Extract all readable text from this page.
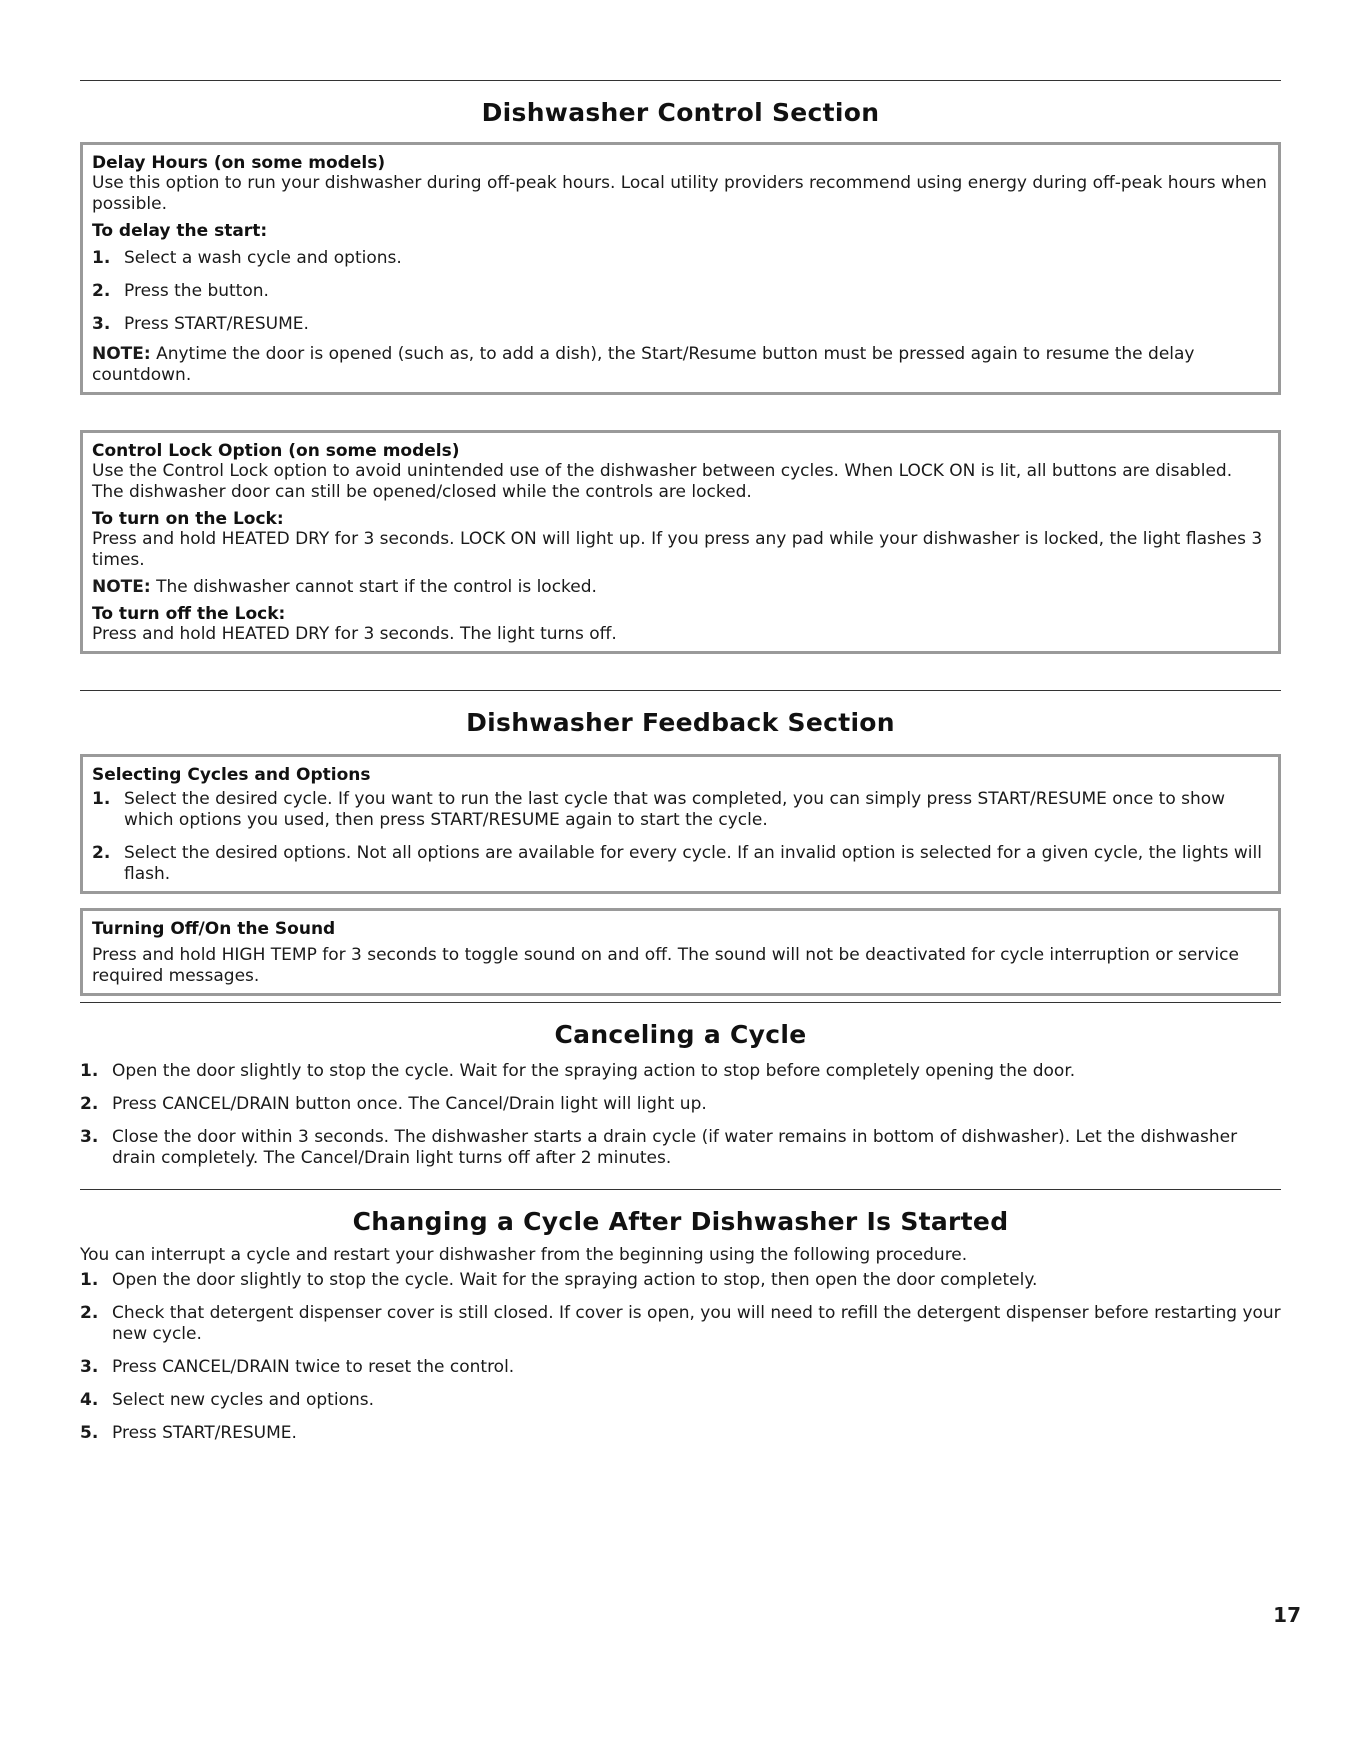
Dishwasher Control Section
Delay Hours (on some models)
Use this option to run your dishwasher during off-peak hours. Local utility providers recommend using energy during off-peak hours when possible.
To delay the start:
1. Select a wash cycle and options.
2. Press the button.
3. Press START/RESUME.
NOTE: Anytime the door is opened (such as, to add a dish), the Start/Resume button must be pressed again to resume the delay countdown.
Control Lock Option (on some models)
Use the Control Lock option to avoid unintended use of the dishwasher between cycles. When LOCK ON is lit, all buttons are disabled. The dishwasher door can still be opened/closed while the controls are locked.
To turn on the Lock:
Press and hold HEATED DRY for 3 seconds. LOCK ON will light up. If you press any pad while your dishwasher is locked, the light flashes 3 times.
NOTE: The dishwasher cannot start if the control is locked.
To turn off the Lock:
Press and hold HEATED DRY for 3 seconds. The light turns off.
Dishwasher Feedback Section
Selecting Cycles and Options
1. Select the desired cycle. If you want to run the last cycle that was completed, you can simply press START/RESUME once to show which options you used, then press START/RESUME again to start the cycle.
2. Select the desired options. Not all options are available for every cycle. If an invalid option is selected for a given cycle, the lights will flash.
Turning Off/On the Sound
Press and hold HIGH TEMP for 3 seconds to toggle sound on and off. The sound will not be deactivated for cycle interruption or service required messages.
Canceling a Cycle
1. Open the door slightly to stop the cycle. Wait for the spraying action to stop before completely opening the door.
2. Press CANCEL/DRAIN button once. The Cancel/Drain light will light up.
3. Close the door within 3 seconds. The dishwasher starts a drain cycle (if water remains in bottom of dishwasher). Let the dishwasher drain completely. The Cancel/Drain light turns off after 2 minutes.
Changing a Cycle After Dishwasher Is Started
You can interrupt a cycle and restart your dishwasher from the beginning using the following procedure.
1. Open the door slightly to stop the cycle. Wait for the spraying action to stop, then open the door completely.
2. Check that detergent dispenser cover is still closed. If cover is open, you will need to refill the detergent dispenser before restarting your new cycle.
3. Press CANCEL/DRAIN twice to reset the control.
4. Select new cycles and options.
5. Press START/RESUME.
17
